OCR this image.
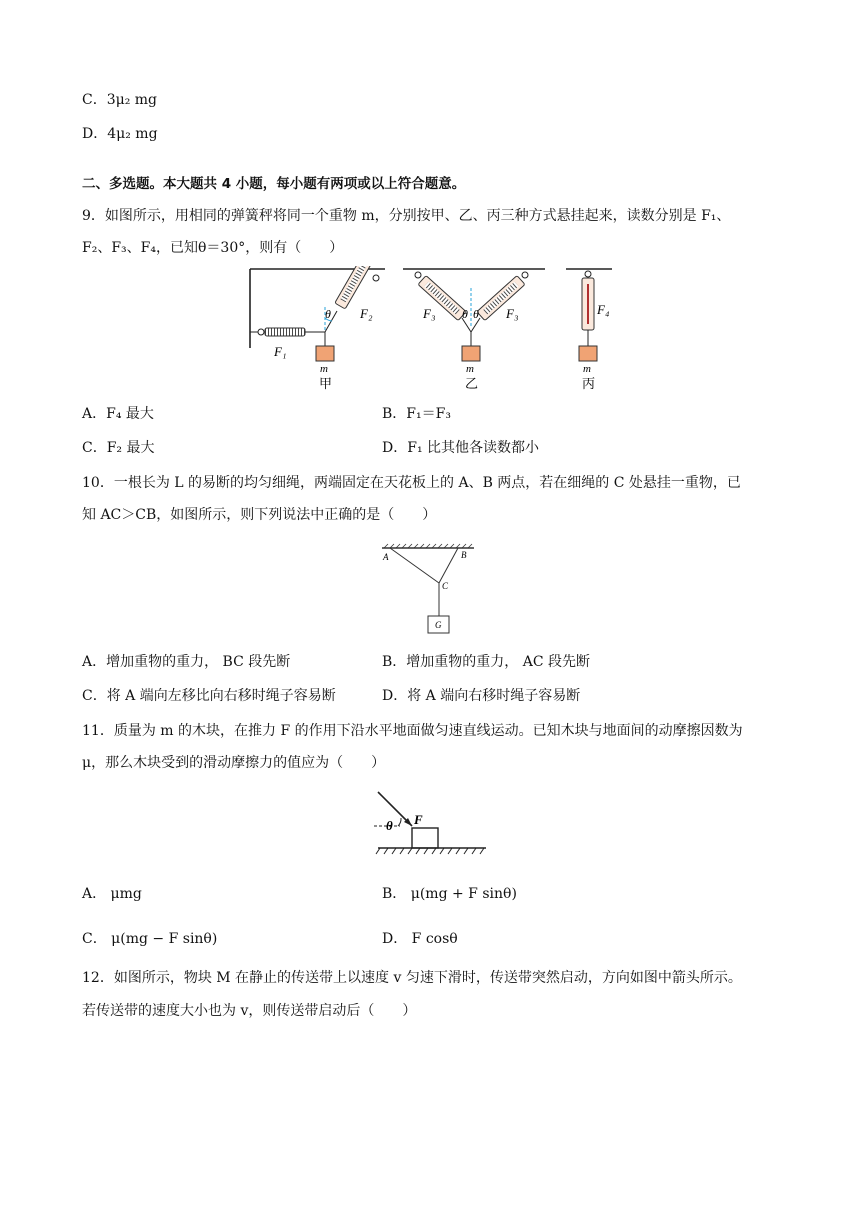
C．3μ₂ mg
D．4μ₂ mg
二、多选题。本大题共 4 小题，每小题有两项或以上符合题意。
9．如图所示，用相同的弹簧秤将同一个重物 m，分别按甲、乙、丙三种方式悬挂起来，读数分别是 F₁、
F₂、F₃、F₄，已知θ＝30°，则有（　　）
θ F₂
F₁
m
甲
θ θ
F₃	F₃
m
乙
F₄
m
丙
A．F₄ 最大	B．F₁＝F₃
C．F₂ 最大	D．F₁ 比其他各读数都小
10．一根长为 L 的易断的均匀细绳，两端固定在天花板上的 A、B 两点，若在细绳的 C 处悬挂一重物，已
知 AC＞CB，如图所示，则下列说法中正确的是（　　）
A	B
C
G
A．增加重物的重力， BC 段先断	B．增加重物的重力， AC 段先断
C．将 A 端向左移比向右移时绳子容易断	D．将 A 端向右移时绳子容易断
11．质量为 m 的木块，在推力 F 的作用下沿水平地面做匀速直线运动。已知木块与地面间的动摩擦因数为
μ，那么木块受到的滑动摩擦力的值应为（　　）
θ F
A． μmg	B． μ(mg + F sinθ)
C． μ(mg − F sinθ)	D． F cosθ
12．如图所示，物块 M 在静止的传送带上以速度 v 匀速下滑时，传送带突然启动，方向如图中箭头所示。
若传送带的速度大小也为 v，则传送带启动后（　　）
